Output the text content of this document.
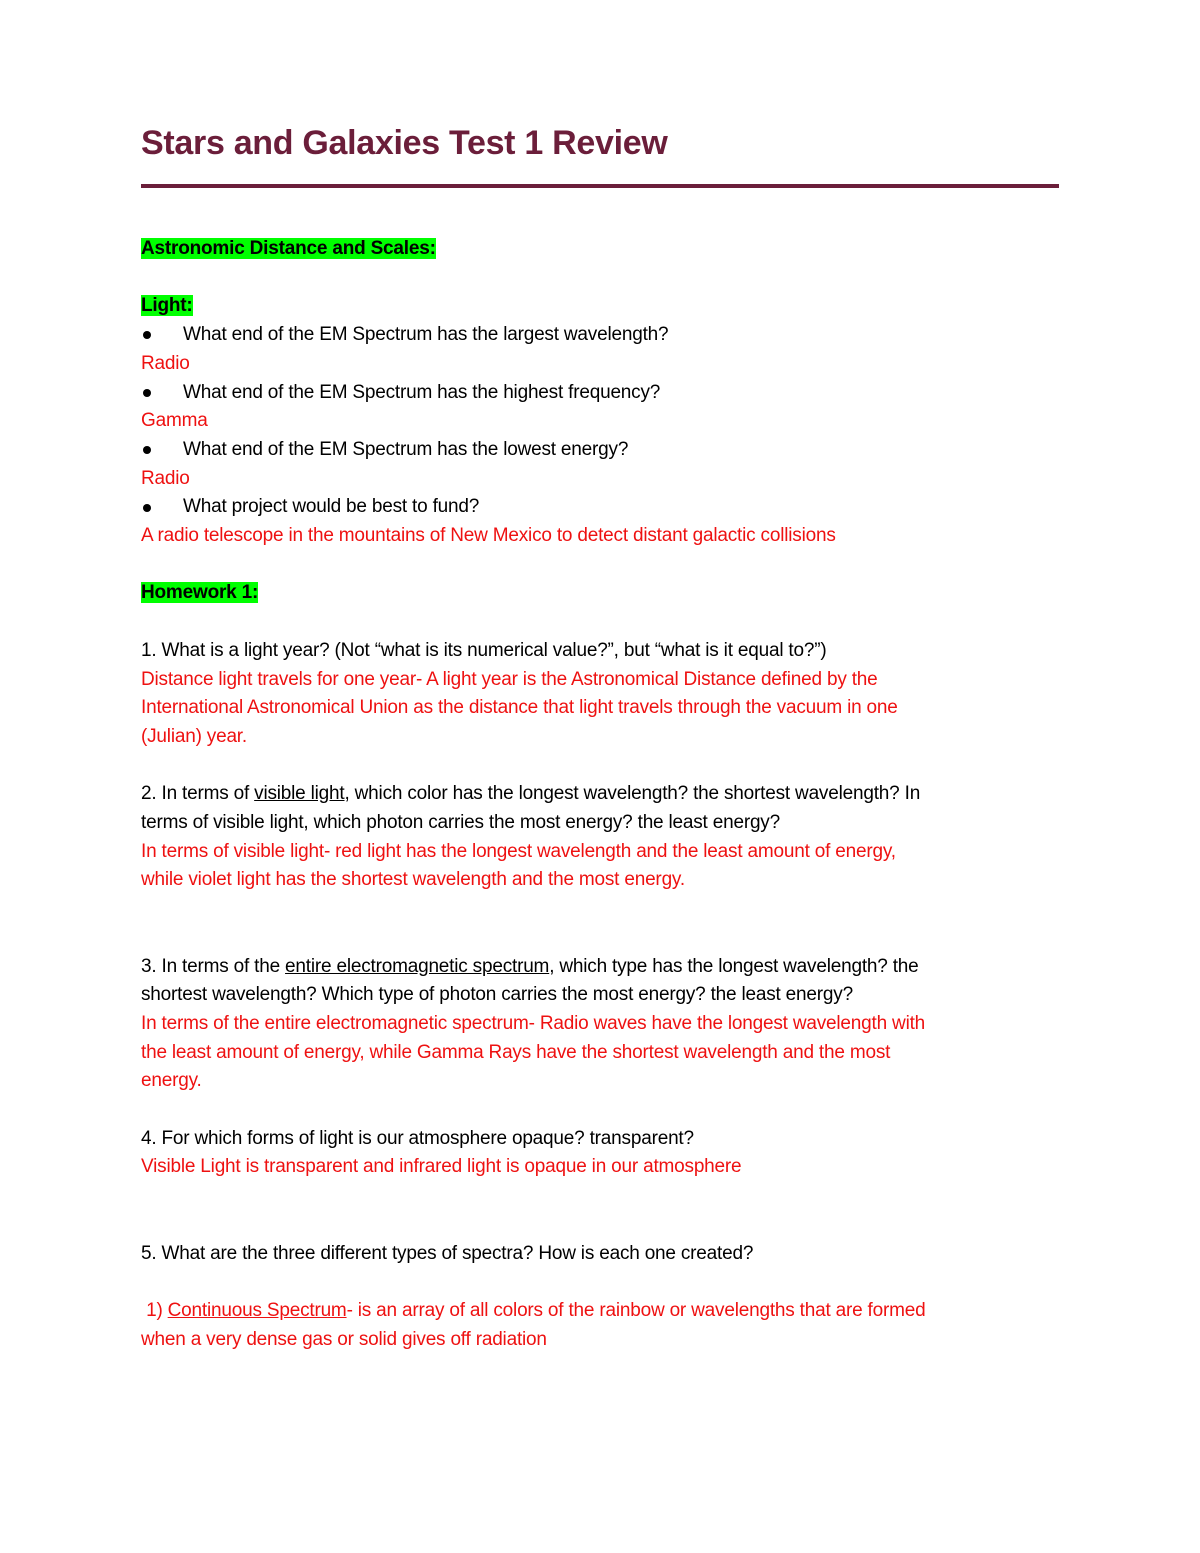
Stars and Galaxies Test 1 Review
Astronomic Distance and Scales:
Light:
What end of the EM Spectrum has the largest wavelength?
Radio
What end of the EM Spectrum has the highest frequency?
Gamma
What end of the EM Spectrum has the lowest energy?
Radio
What project would be best to fund?
A radio telescope in the mountains of New Mexico to detect distant galactic collisions
Homework 1:
1. What is a light year? (Not “what is its numerical value?”, but “what is it equal to?”)
Distance light travels for one year- A light year is the Astronomical Distance defined by the
International Astronomical Union as the distance that light travels through the vacuum in one
(Julian) year.
2. In terms of visible light, which color has the longest wavelength? the shortest wavelength? In
terms of visible light, which photon carries the most energy? the least energy?
In terms of visible light- red light has the longest wavelength and the least amount of energy,
while violet light has the shortest wavelength and the most energy.
3. In terms of the entire electromagnetic spectrum, which type has the longest wavelength? the
shortest wavelength? Which type of photon carries the most energy? the least energy?
In terms of the entire electromagnetic spectrum- Radio waves have the longest wavelength with
the least amount of energy, while Gamma Rays have the shortest wavelength and the most
energy.
4. For which forms of light is our atmosphere opaque? transparent?
Visible Light is transparent and infrared light is opaque in our atmosphere
5. What are the three different types of spectra? How is each one created?
1) Continuous Spectrum- is an array of all colors of the rainbow or wavelengths that are formed
when a very dense gas or solid gives off radiation
